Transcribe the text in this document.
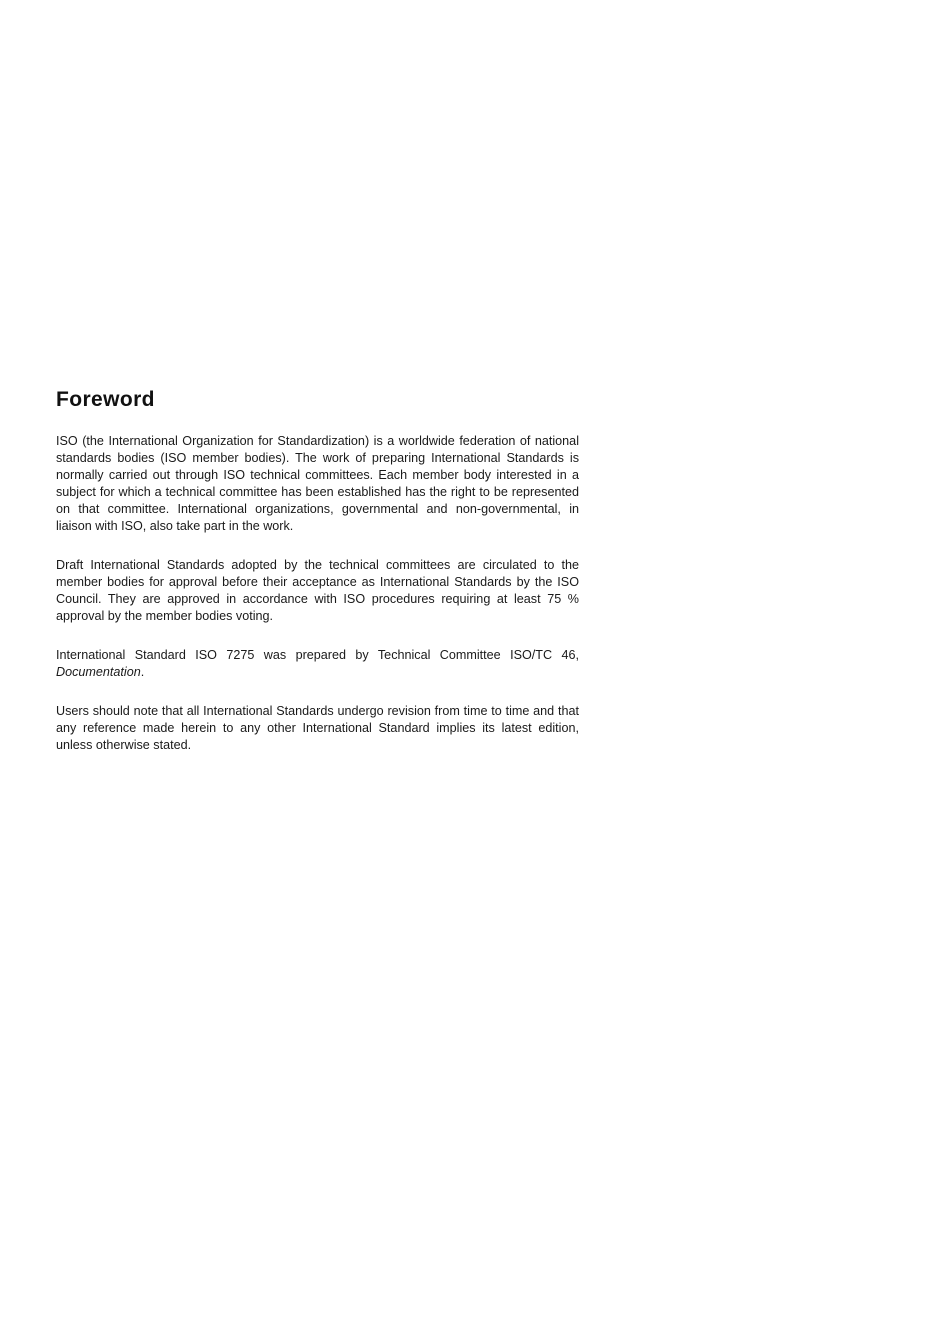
Foreword

ISO (the International Organization for Standardization) is a worldwide federation of national standards bodies (ISO member bodies). The work of preparing International Standards is normally carried out through ISO technical committees. Each member body interested in a subject for which a technical committee has been established has the right to be represented on that committee. International organizations, governmental and non-governmental, in liaison with ISO, also take part in the work.

Draft International Standards adopted by the technical committees are circulated to the member bodies for approval before their acceptance as International Standards by the ISO Council. They are approved in accordance with ISO procedures requiring at least 75 % approval by the member bodies voting.

International Standard ISO 7275 was prepared by Technical Committee ISO/TC 46, Documentation.

Users should note that all International Standards undergo revision from time to time and that any reference made herein to any other International Standard implies its latest edition, unless otherwise stated.
